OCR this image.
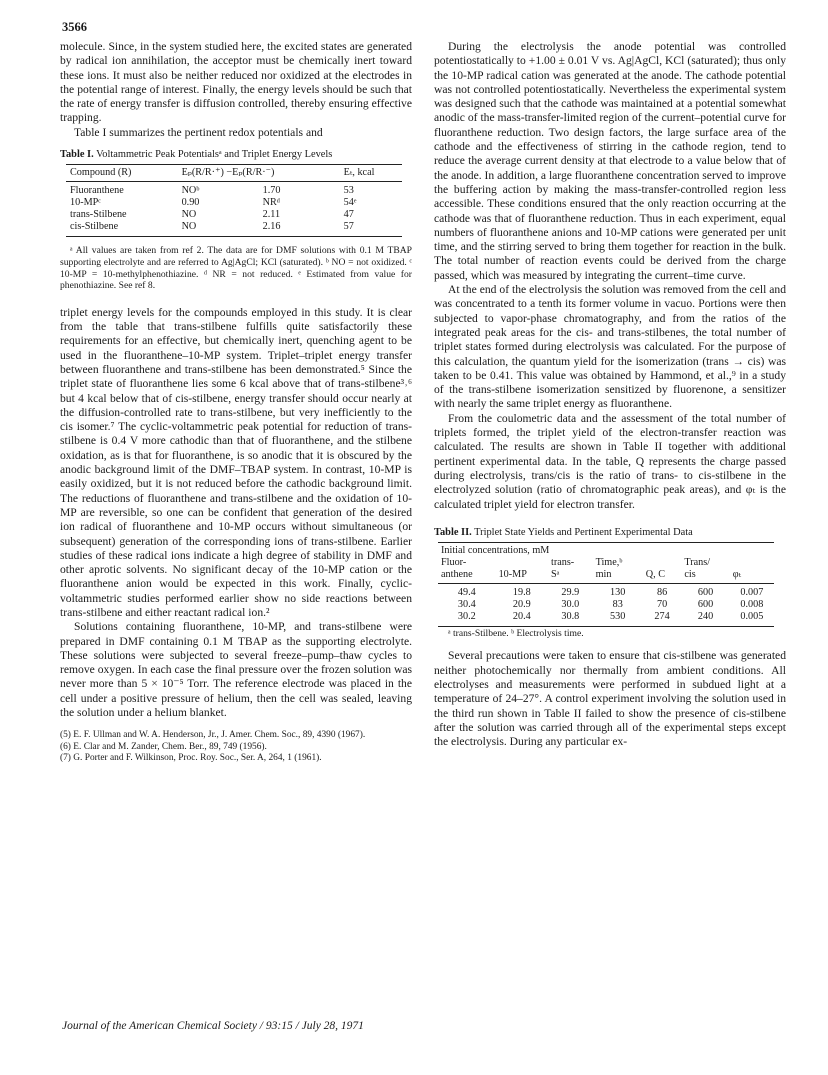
3566

molecule. Since, in the system studied here, the excited states are generated by radical ion annihilation, the acceptor must be chemically inert toward these ions. It must also be neither reduced nor oxidized at the electrodes in the potential range of interest. Finally, the energy levels should be such that the rate of energy transfer is diffusion controlled, thereby ensuring effective trapping.

Table I summarizes the pertinent redox potentials and

Table I. Voltammetric Peak Potentialsᵃ and Triplet Energy Levels
Compound (R)	Eₚ(R/R·⁺) −Eₚ(R/R·⁻)		Eₜ, kcal
Fluoranthene	NOᵇ	1.70	53
10-MPᶜ	0.90	NRᵈ	54ᵉ
trans-Stilbene	NO	2.11	47
cis-Stilbene	NO	2.16	57

ᵃ All values are taken from ref 2. The data are for DMF solutions with 0.1 M TBAP supporting electrolyte and are referred to Ag|AgCl; KCl (saturated). ᵇ NO = not oxidized. ᶜ 10-MP = 10-methylphenothiazine. ᵈ NR = not reduced. ᵉ Estimated from value for phenothiazine. See ref 8.

triplet energy levels for the compounds employed in this study. It is clear from the table that trans-stilbene fulfills quite satisfactorily these requirements for an effective, but chemically inert, quenching agent to be used in the fluoranthene–10-MP system. Triplet–triplet energy transfer between fluoranthene and trans-stilbene has been demonstrated.⁵ Since the triplet state of fluoranthene lies some 6 kcal above that of trans-stilbene³˒⁶ but 4 kcal below that of cis-stilbene, energy transfer should occur nearly at the diffusion-controlled rate to trans-stilbene, but very inefficiently to the cis isomer.⁷ The cyclic-voltammetric peak potential for reduction of trans-stilbene is 0.4 V more cathodic than that of fluoranthene, and the stilbene oxidation, as is that for fluoranthene, is so anodic that it is obscured by the anodic background limit of the DMF–TBAP system. In contrast, 10-MP is easily oxidized, but it is not reduced before the cathodic background limit. The reductions of fluoranthene and trans-stilbene and the oxidation of 10-MP are reversible, so one can be confident that generation of the desired ion radical of fluoranthene and 10-MP occurs without simultaneous (or subsequent) generation of the corresponding ions of trans-stilbene. Earlier studies of these radical ions indicate a high degree of stability in DMF and other aprotic solvents. No significant decay of the 10-MP cation or the fluoranthene anion would be expected in this work. Finally, cyclic-voltammetric studies performed earlier show no side reactions between trans-stilbene and either reactant radical ion.²

Solutions containing fluoranthene, 10-MP, and trans-stilbene were prepared in DMF containing 0.1 M TBAP as the supporting electrolyte. These solutions were subjected to several freeze–pump–thaw cycles to remove oxygen. In each case the final pressure over the frozen solution was never more than 5 × 10⁻⁵ Torr. The reference electrode was placed in the cell under a positive pressure of helium, then the cell was sealed, leaving the solution under a helium blanket.

(5) E. F. Ullman and W. A. Henderson, Jr., J. Amer. Chem. Soc., 89, 4390 (1967).

(6) E. Clar and M. Zander, Chem. Ber., 89, 749 (1956).

(7) G. Porter and F. Wilkinson, Proc. Roy. Soc., Ser. A, 264, 1 (1961).

During the electrolysis the anode potential was controlled potentiostatically to +1.00 ± 0.01 V vs. Ag|AgCl, KCl (saturated); thus only the 10-MP radical cation was generated at the anode. The cathode potential was not controlled potentiostatically. Nevertheless the experimental system was designed such that the cathode was maintained at a potential somewhat anodic of the mass-transfer-limited region of the current–potential curve for fluoranthene reduction. Two design factors, the large surface area of the cathode and the effectiveness of stirring in the cathode region, tend to reduce the average current density at that electrode to a value below that of the anode. In addition, a large fluoranthene concentration served to improve the buffering action by making the mass-transfer-controlled region less accessible. These conditions ensured that the only reaction occurring at the cathode was that of fluoranthene reduction. Thus in each experiment, equal numbers of fluoranthene anions and 10-MP cations were generated per unit time, and the stirring served to bring them together for reaction in the bulk. The total number of reaction events could be derived from the charge passed, which was measured by integrating the current–time curve.

At the end of the electrolysis the solution was removed from the cell and was concentrated to a tenth its former volume in vacuo. Portions were then subjected to vapor-phase chromatography, and from the ratios of the integrated peak areas for the cis- and trans-stilbenes, the total number of triplet states formed during electrolysis was calculated. For the purpose of this calculation, the quantum yield for the isomerization (trans → cis) was taken to be 0.41. This value was obtained by Hammond, et al.,⁹ in a study of the trans-stilbene isomerization sensitized by fluorenone, a sensitizer with nearly the same triplet energy as fluoranthene.

From the coulometric data and the assessment of the total number of triplets formed, the triplet yield of the electron-transfer reaction was calculated. The results are shown in Table II together with additional pertinent experimental data. In the table, Q represents the charge passed during electrolysis, trans/cis is the ratio of trans- to cis-stilbene in the electrolyzed solution (ratio of chromatographic peak areas), and φₜ is the calculated triplet yield for electron transfer.

Table II. Triplet State Yields and Pertinent Experimental Data
Initial concentrations, mM						
Fluor-		trans-	Time,ᵇ		Trans/	
anthene	10-MP	Sᵃ	min	Q, C	cis	φₜ
49.4	19.8	29.9	130	86	600	0.007
30.4	20.9	30.0	83	70	600	0.008
30.2	20.4	30.8	530	274	240	0.005

ᵃ trans-Stilbene. ᵇ Electrolysis time.

Several precautions were taken to ensure that cis-stilbene was generated neither photochemically nor thermally from ambient conditions. All electrolyses and measurements were performed in subdued light at a temperature of 24–27°. A control experiment involving the solution used in the third run shown in Table II failed to show the presence of cis-stilbene after the solution was carried through all of the experimental steps except the electrolysis. During any particular ex-

Journal of the American Chemical Society / 93:15 / July 28, 1971
